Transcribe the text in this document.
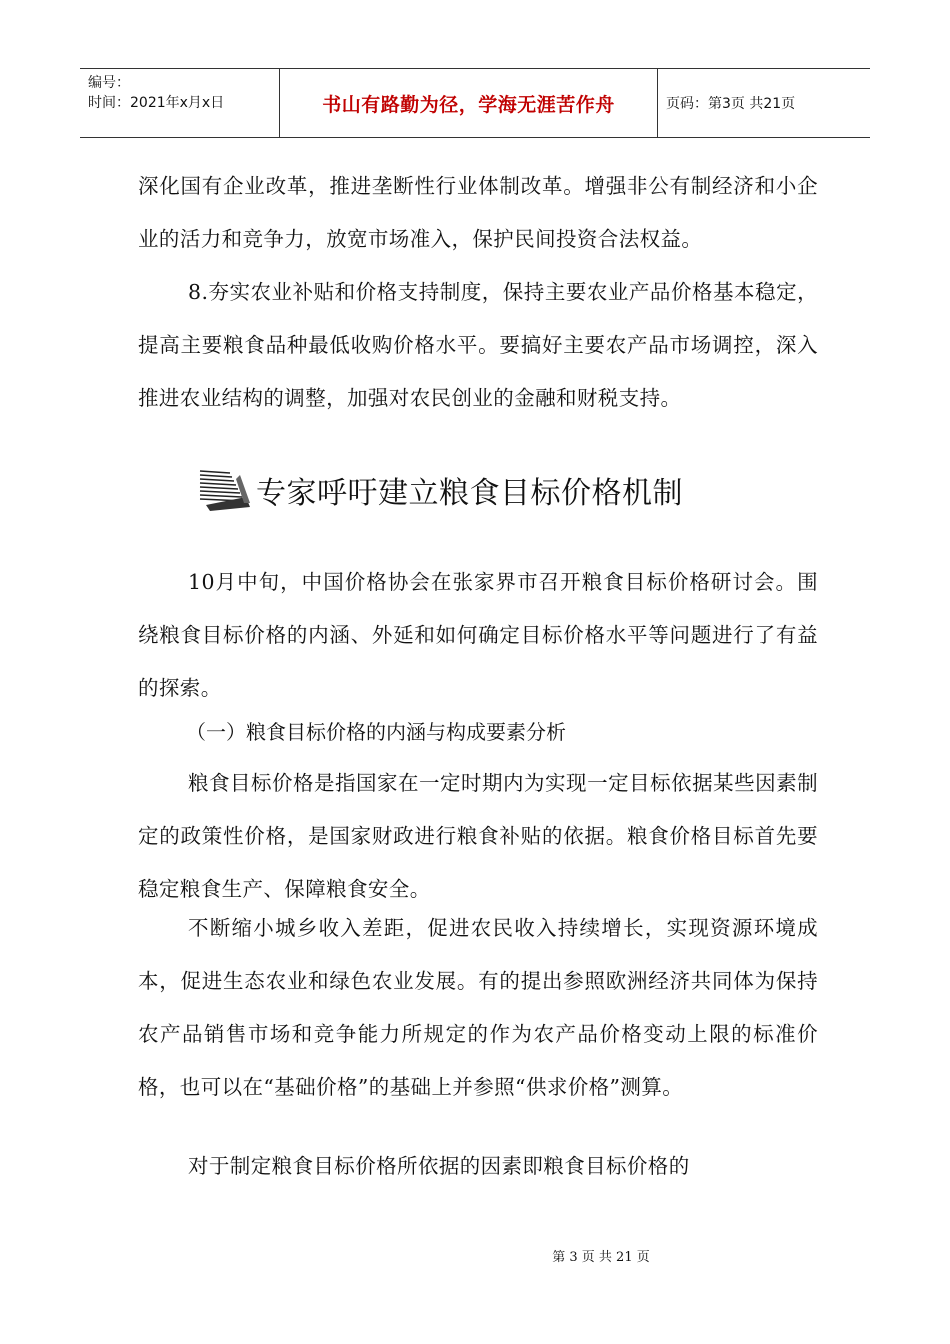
编号：
时间：2021年x月x日	书山有路勤为径，学海无涯苦作舟	页码：第3页 共21页
深化国有企业改革，推进垄断性行业体制改革。增强非公有制经济和小企业的活力和竞争力，放宽市场准入，保护民间投资合法权益。
8.夯实农业补贴和价格支持制度，保持主要农业产品价格基本稳定，提高主要粮食品种最低收购价格水平。要搞好主要农产品市场调控，深入推进农业结构的调整，加强对农民创业的金融和财税支持。
专家呼吁建立粮食目标价格机制
10月中旬，中国价格协会在张家界市召开粮食目标价格研讨会。围绕粮食目标价格的内涵、外延和如何确定目标价格水平等问题进行了有益的探索。
（一）粮食目标价格的内涵与构成要素分析
粮食目标价格是指国家在一定时期内为实现一定目标依据某些因素制定的政策性价格，是国家财政进行粮食补贴的依据。粮食价格目标首先要稳定粮食生产、保障粮食安全。
不断缩小城乡收入差距，促进农民收入持续增长，实现资源环境成本，促进生态农业和绿色农业发展。有的提出参照欧洲经济共同体为保持农产品销售市场和竞争能力所规定的作为农产品价格变动上限的标准价格，也可以在“基础价格”的基础上并参照“供求价格”测算。
对于制定粮食目标价格所依据的因素即粮食目标价格的
第 3 页 共 21 页
